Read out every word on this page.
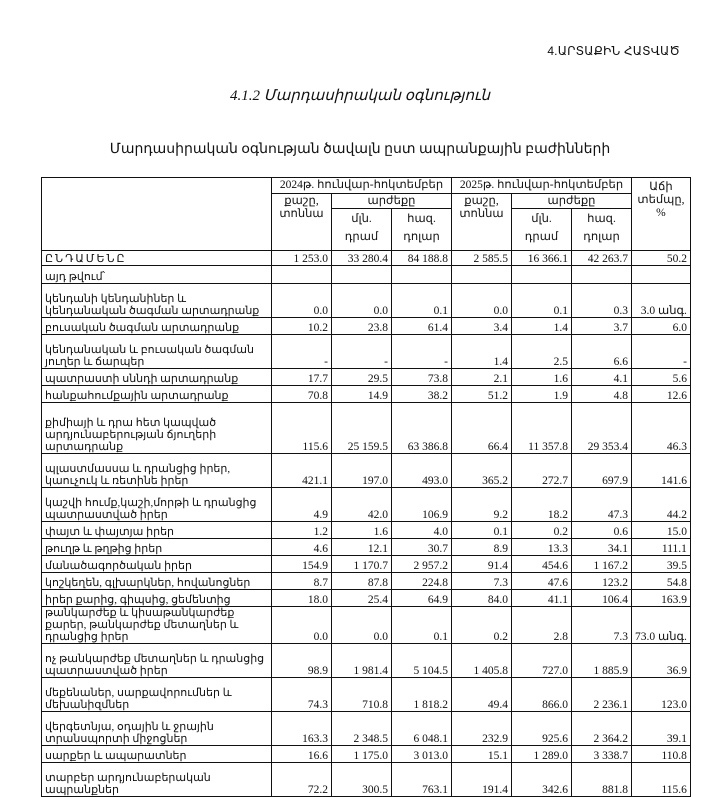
4.ԱՐՏԱՔԻՆ ՀԱՏՎԱԾ
4.1.2 Մարդասիրական օգնություն
Մարդասիրական օգնության ծավալն ըստ ապրանքային բաժինների
	2024թ. հունվար-հոկտեմբեր			2025թ. հունվար-հոկտեմբեր			Աճի տեմպը, %
	քաշը, տոննա	արժեքը		քաշը, տոննա	արժեքը		
		մլն. դրամ	հազ. դոլար		մլն. դրամ	հազ. դոլար	
ԸՆԴԱՄԵՆԸ	1 253.0	33 280.4	84 188.8	2 585.5	16 366.1	42 263.7	50.2
այդ թվում՝							
կենդանի կենդանիներ և կենդանական ծագման արտադրանք	0.0	0.0	0.1	0.0	0.1	0.3	3.0 անգ.
բուսական ծագման արտադրանք	10.2	23.8	61.4	3.4	1.4	3.7	6.0
կենդանական և բուսական ծագման յուղեր և ճարպեր	-	-	-	1.4	2.5	6.6	-
պատրաստի սննդի արտադրանք	17.7	29.5	73.8	2.1	1.6	4.1	5.6
հանքահումքային արտադրանք	70.8	14.9	38.2	51.2	1.9	4.8	12.6
քիմիայի և դրա հետ կապված արդյունաբերության ճյուղերի արտադրանք	115.6	25 159.5	63 386.8	66.4	11 357.8	29 353.4	46.3
պլաստմասսա և դրանցից իրեր, կաուչուկ և ռետինե իրեր	421.1	197.0	493.0	365.2	272.7	697.9	141.6
կաշվի հումք,կաշի,մորթի և դրանցից պատրաստված իրեր	4.9	42.0	106.9	9.2	18.2	47.3	44.2
փայտ և փայտյա իրեր	1.2	1.6	4.0	0.1	0.2	0.6	15.0
թուղթ և թղթից իրեր	4.6	12.1	30.7	8.9	13.3	34.1	111.1
մանածագործական իրեր	154.9	1 170.7	2 957.2	91.4	454.6	1 167.2	39.5
կոշկեղեն, գլխարկներ, հովանոցներ	8.7	87.8	224.8	7.3	47.6	123.2	54.8
իրեր քարից, գիպսից, ցեմենտից	18.0	25.4	64.9	84.0	41.1	106.4	163.9
թանկարժեք և կիսաթանկարժեք քարեր, թանկարժեք մետաղներ և դրանցից իրեր	0.0	0.0	0.1	0.2	2.8	7.3	73.0 անգ.
ոչ թանկարժեք մետաղներ և դրանցից պատրաստված իրեր	98.9	1 981.4	5 104.5	1 405.8	727.0	1 885.9	36.9
մեքենաներ, սարքավորումներ և մեխանիզմներ	74.3	710.8	1 818.2	49.4	866.0	2 236.1	123.0
վերգետնյա, օդային և ջրային տրանսպորտի միջոցներ	163.3	2 348.5	6 048.1	232.9	925.6	2 364.2	39.1
սարքեր և ապարատներ	16.6	1 175.0	3 013.0	15.1	1 289.0	3 338.7	110.8
տարբեր արդյունաբերական ապրանքներ	72.2	300.5	763.1	191.4	342.6	881.8	115.6
